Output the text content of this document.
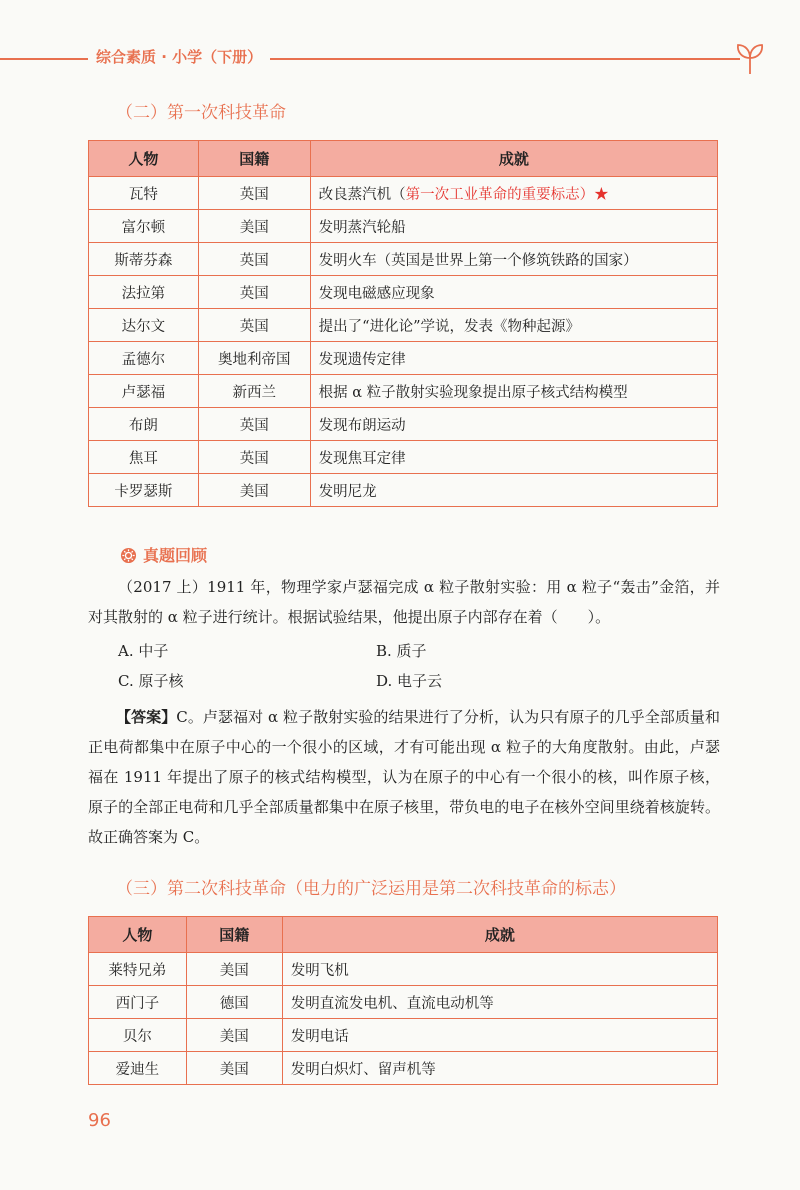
综合素质 · 小学（下册）
（二）第一次科技革命
人物	国籍	成就
瓦特	英国	改良蒸汽机（第一次工业革命的重要标志）★
富尔顿	美国	发明蒸汽轮船
斯蒂芬森	英国	发明火车（英国是世界上第一个修筑铁路的国家）
法拉第	英国	发现电磁感应现象
达尔文	英国	提出了“进化论”学说，发表《物种起源》
孟德尔	奥地利帝国	发现遗传定律
卢瑟福	新西兰	根据 α 粒子散射实验现象提出原子核式结构模型
布朗	英国	发现布朗运动
焦耳	英国	发现焦耳定律
卡罗瑟斯	美国	发明尼龙
真题回顾
（2017 上）1911 年，物理学家卢瑟福完成 α 粒子散射实验：用 α 粒子“轰击”金箔，并对其散射的 α 粒子进行统计。根据试验结果，他提出原子内部存在着（　　）。
A. 中子	B. 质子
C. 原子核	D. 电子云
【答案】C。卢瑟福对 α 粒子散射实验的结果进行了分析，认为只有原子的几乎全部质量和正电荷都集中在原子中心的一个很小的区域，才有可能出现 α 粒子的大角度散射。由此，卢瑟福在 1911 年提出了原子的核式结构模型，认为在原子的中心有一个很小的核，叫作原子核，原子的全部正电荷和几乎全部质量都集中在原子核里，带负电的电子在核外空间里绕着核旋转。故正确答案为 C。
（三）第二次科技革命（电力的广泛运用是第二次科技革命的标志）
人物	国籍	成就
莱特兄弟	美国	发明飞机
西门子	德国	发明直流发电机、直流电动机等
贝尔	美国	发明电话
爱迪生	美国	发明白炽灯、留声机等
96
